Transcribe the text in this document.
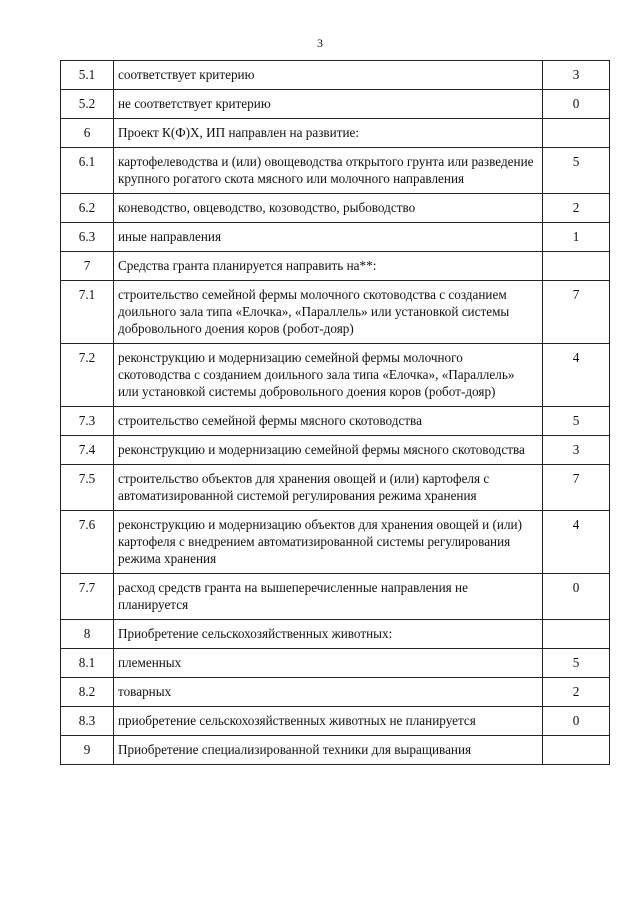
3
5.1	соответствует критерию	3
5.2	не соответствует критерию	0
6	Проект К(Ф)Х, ИП направлен на развитие:	
6.1	картофелеводства и (или) овощеводства открытого грунта или разведение крупного рогатого скота мясного или молочного направления	5
6.2	коневодство, овцеводство, козоводство, рыбоводство	2
6.3	иные направления	1
7	Средства гранта планируется направить на**:	
7.1	строительство семейной фермы молочного скотоводства с созданием доильного зала типа «Елочка», «Параллель» или установкой системы добровольного доения коров (робот-дояр)	7
7.2	реконструкцию и модернизацию семейной фермы молочного скотоводства с созданием доильного зала типа «Елочка», «Параллель» или установкой системы добровольного доения коров (робот-дояр)	4
7.3	строительство семейной фермы мясного скотоводства	5
7.4	реконструкцию и модернизацию семейной фермы мясного скотоводства	3
7.5	строительство объектов для хранения овощей и (или) картофеля с автоматизированной системой регулирования режима хранения	7
7.6	реконструкцию и модернизацию объектов для хранения овощей и (или) картофеля с внедрением автоматизированной системы регулирования режима хранения	4
7.7	расход средств гранта на вышеперечисленные направления не планируется	0
8	Приобретение сельскохозяйственных животных:	
8.1	племенных	5
8.2	товарных	2
8.3	приобретение сельскохозяйственных животных не планируется	0
9	Приобретение специализированной техники для выращивания	
